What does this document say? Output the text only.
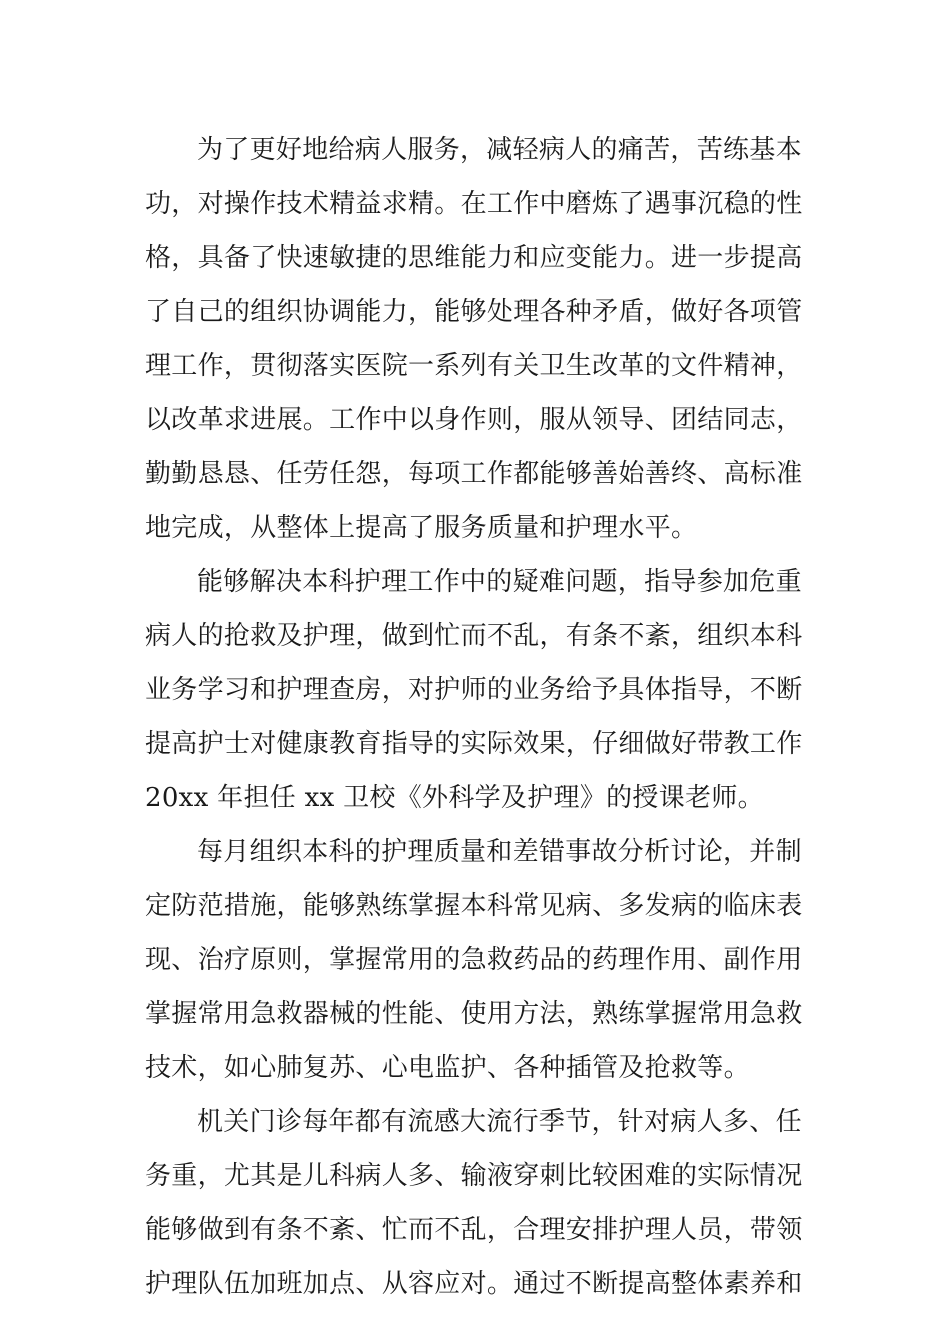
为了更好地给病人服务，减轻病人的痛苦，苦练基本
功，对操作技术精益求精。在工作中磨炼了遇事沉稳的性
格，具备了快速敏捷的思维能力和应变能力。进一步提高
了自己的组织协调能力，能够处理各种矛盾，做好各项管
理工作，贯彻落实医院一系列有关卫生改革的文件精神，
以改革求进展。工作中以身作则，服从领导、团结同志，
勤勤恳恳、任劳任怨，每项工作都能够善始善终、高标准
地完成，从整体上提高了服务质量和护理水平。
能够解决本科护理工作中的疑难问题，指导参加危重
病人的抢救及护理，做到忙而不乱，有条不紊，组织本科
业务学习和护理查房，对护师的业务给予具体指导，不断
提高护士对健康教育指导的实际效果，仔细做好带教工作
20xx 年担任 xx 卫校《外科学及护理》的授课老师。
每月组织本科的护理质量和差错事故分析讨论，并制
定防范措施，能够熟练掌握本科常见病、多发病的临床表
现、治疗原则，掌握常用的急救药品的药理作用、副作用
掌握常用急救器械的性能、使用方法，熟练掌握常用急救
技术，如心肺复苏、心电监护、各种插管及抢救等。
机关门诊每年都有流感大流行季节，针对病人多、任
务重，尤其是儿科病人多、输液穿刺比较困难的实际情况
能够做到有条不紊、忙而不乱，合理安排护理人员，带领
护理队伍加班加点、从容应对。通过不断提高整体素养和
